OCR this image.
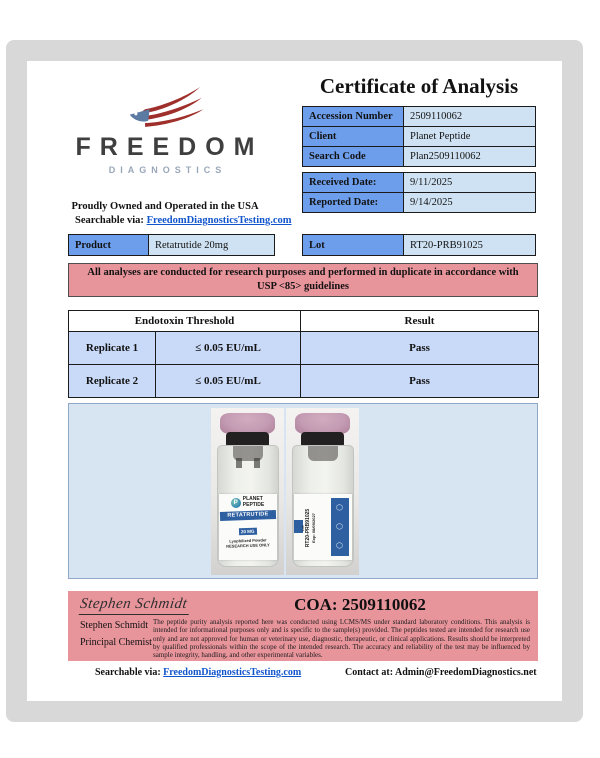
FREEDOM
DIAGNOSTICS
Proudly Owned and Operated in the USA
Searchable via: FreedomDiagnosticsTesting.com
Certificate of Analysis
Accession Number	2509110062
Client	Planet Peptide
Search Code	Plan2509110062
Received Date:	9/11/2025
Reported Date:	9/14/2025
Product	Retatrutide 20mg	Lot	RT20-PRB91025
All analyses are conducted for research purposes and performed in duplicate in accordance with USP <85> guidelines
Endotoxin Threshold		Result
Replicate 1	≤ 0.05 EU/mL	Pass
Replicate 2	≤ 0.05 EU/mL	Pass
P
PLANET
PEPTIDE
RETATRUTIDE
20 MG
Lyophilized Powder
RESEARCH USE ONLY
Lot: RT20-PRB91025 Exp: 08/09/2027
⬡
⬡
⬡
Stephen Schmidt	COA: 2509110062
Stephen Schmidt
Principal Chemist
The peptide purity analysis reported here was conducted using LCMS/MS under standard laboratory conditions. This analysis is intended for informational purposes only and is specific to the sample(s) provided. The peptides tested are intended for research use only and are not approved for human or veterinary use, diagnostic, therapeutic, or clinical applications. Results should be interpreted by qualified professionals within the scope of the intended research. The accuracy and reliability of the test may be influenced by sample integrity, handling, and other experimental variables.
Searchable via: FreedomDiagnosticsTesting.com	Contact at: Admin@FreedomDiagnostics.net
